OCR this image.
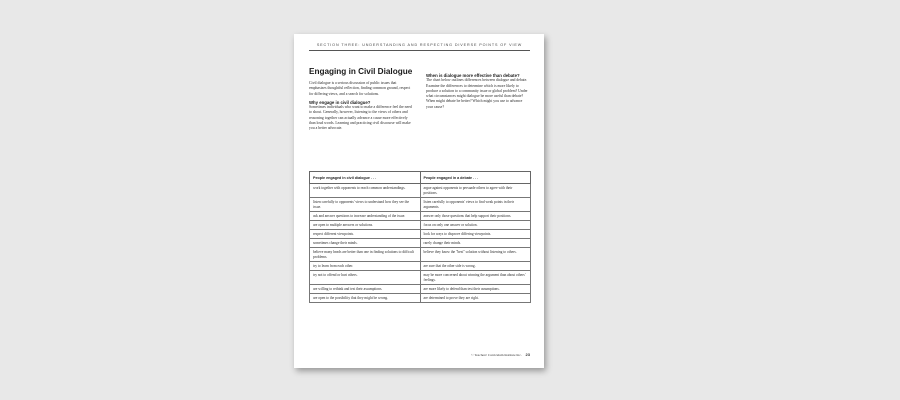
SECTION THREE: UNDERSTANDING AND RESPECTING DIVERSE POINTS OF VIEW
Engaging in Civil Dialogue

Civil dialogue is a serious discussion of public issues that emphasizes thoughtful reflection, finding common ground, respect for differing views, and a search for solutions.

Why engage in civil dialogue?

Sometimes individuals who want to make a difference feel the need to shout. Generally, however, listening to the views of others and reasoning together can actually advance a cause more effectively than loud words. Learning and practicing civil discourse will make you a better advocate.

When is dialogue more effective than debate?

The chart below outlines differences between dialogue and debate. Examine the differences to determine which is more likely to produce a solution to a community issue or global problem? Under what circumstances might dialogue be more useful than debate? When might debate be better? Which might you use to advance your cause?

People engaged in civil dialogue . . .	People engaged in a debate . . .
work together with opponents to reach common understandings.	argue against opponents to persuade others to agree with their positions.
listen carefully to opponents' views to understand how they see the issue.	listen carefully to opponents' views to find weak points in their arguments.
ask and answer questions to increase understanding of the issue.	answer only those questions that help support their positions.
are open to multiple answers or solutions.	focus on only one answer or solution.
respect different viewpoints.	look for ways to disprove differing viewpoints.
sometimes change their minds.	rarely change their minds.
believe many heads are better than one in finding solutions to difficult problems.	believe they know the "best" solution without listening to others.
try to learn from each other.	are sure that the other side is wrong.
try not to offend or hurt others.	may be more concerned about winning the argument than about others' feelings.
are willing to rethink and test their assumptions.	are more likely to defend than test their assumptions.
are open to the possibility that they might be wrong.	are determined to prove they are right.
© Teachers' Curriculum Institute Inc. 23
